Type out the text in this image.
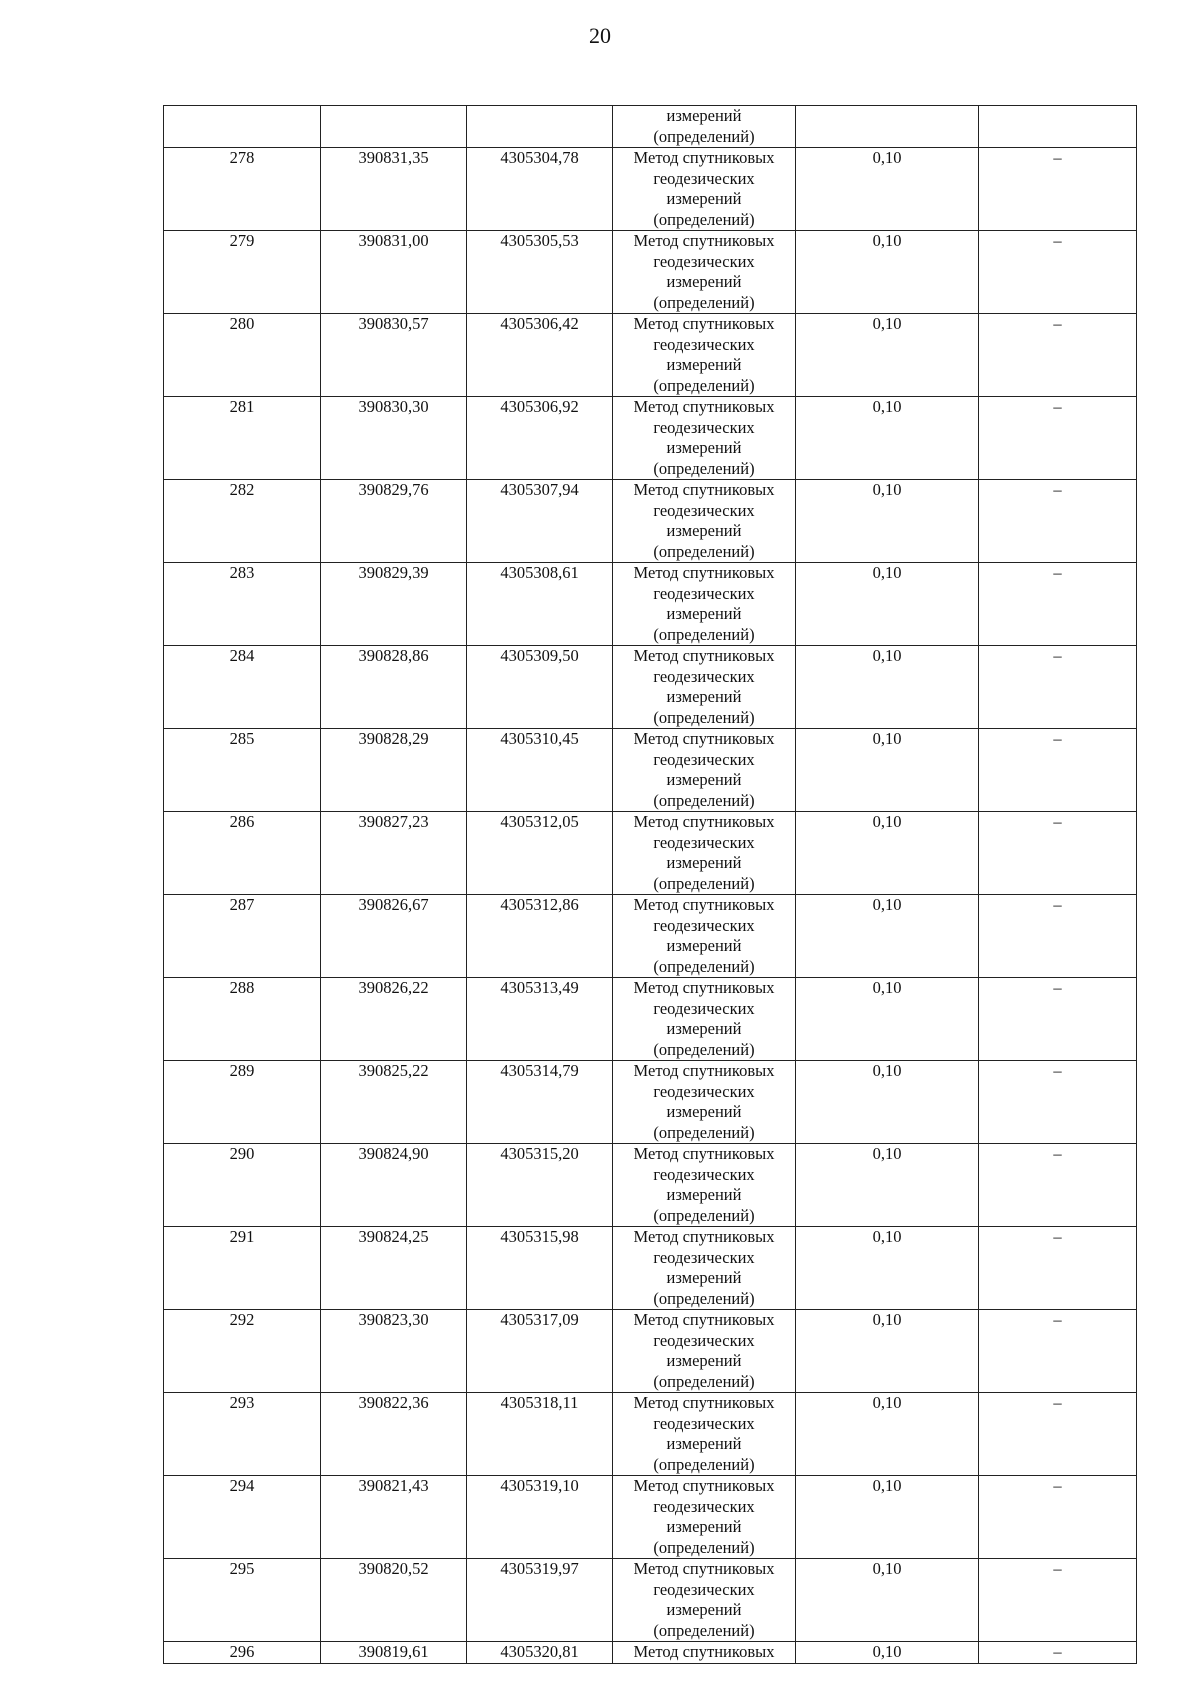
20

			измерений
(определений)		

278	390831,35	4305304,78	Метод спутниковых
геодезических
измерений
(определений)	0,10	–
279	390831,00	4305305,53	Метод спутниковых
геодезических
измерений
(определений)	0,10	–
280	390830,57	4305306,42	Метод спутниковых
геодезических
измерений
(определений)	0,10	–
281	390830,30	4305306,92	Метод спутниковых
геодезических
измерений
(определений)	0,10	–
282	390829,76	4305307,94	Метод спутниковых
геодезических
измерений
(определений)	0,10	–
283	390829,39	4305308,61	Метод спутниковых
геодезических
измерений
(определений)	0,10	–
284	390828,86	4305309,50	Метод спутниковых
геодезических
измерений
(определений)	0,10	–
285	390828,29	4305310,45	Метод спутниковых
геодезических
измерений
(определений)	0,10	–
286	390827,23	4305312,05	Метод спутниковых
геодезических
измерений
(определений)	0,10	–
287	390826,67	4305312,86	Метод спутниковых
геодезических
измерений
(определений)	0,10	–
288	390826,22	4305313,49	Метод спутниковых
геодезических
измерений
(определений)	0,10	–
289	390825,22	4305314,79	Метод спутниковых
геодезических
измерений
(определений)	0,10	–
290	390824,90	4305315,20	Метод спутниковых
геодезических
измерений
(определений)	0,10	–
291	390824,25	4305315,98	Метод спутниковых
геодезических
измерений
(определений)	0,10	–
292	390823,30	4305317,09	Метод спутниковых
геодезических
измерений
(определений)	0,10	–
293	390822,36	4305318,11	Метод спутниковых
геодезических
измерений
(определений)	0,10	–
294	390821,43	4305319,10	Метод спутниковых
геодезических
измерений
(определений)	0,10	–
295	390820,52	4305319,97	Метод спутниковых
геодезических
измерений
(определений)	0,10	–
296	390819,61	4305320,81	Метод спутниковых	0,10	–
